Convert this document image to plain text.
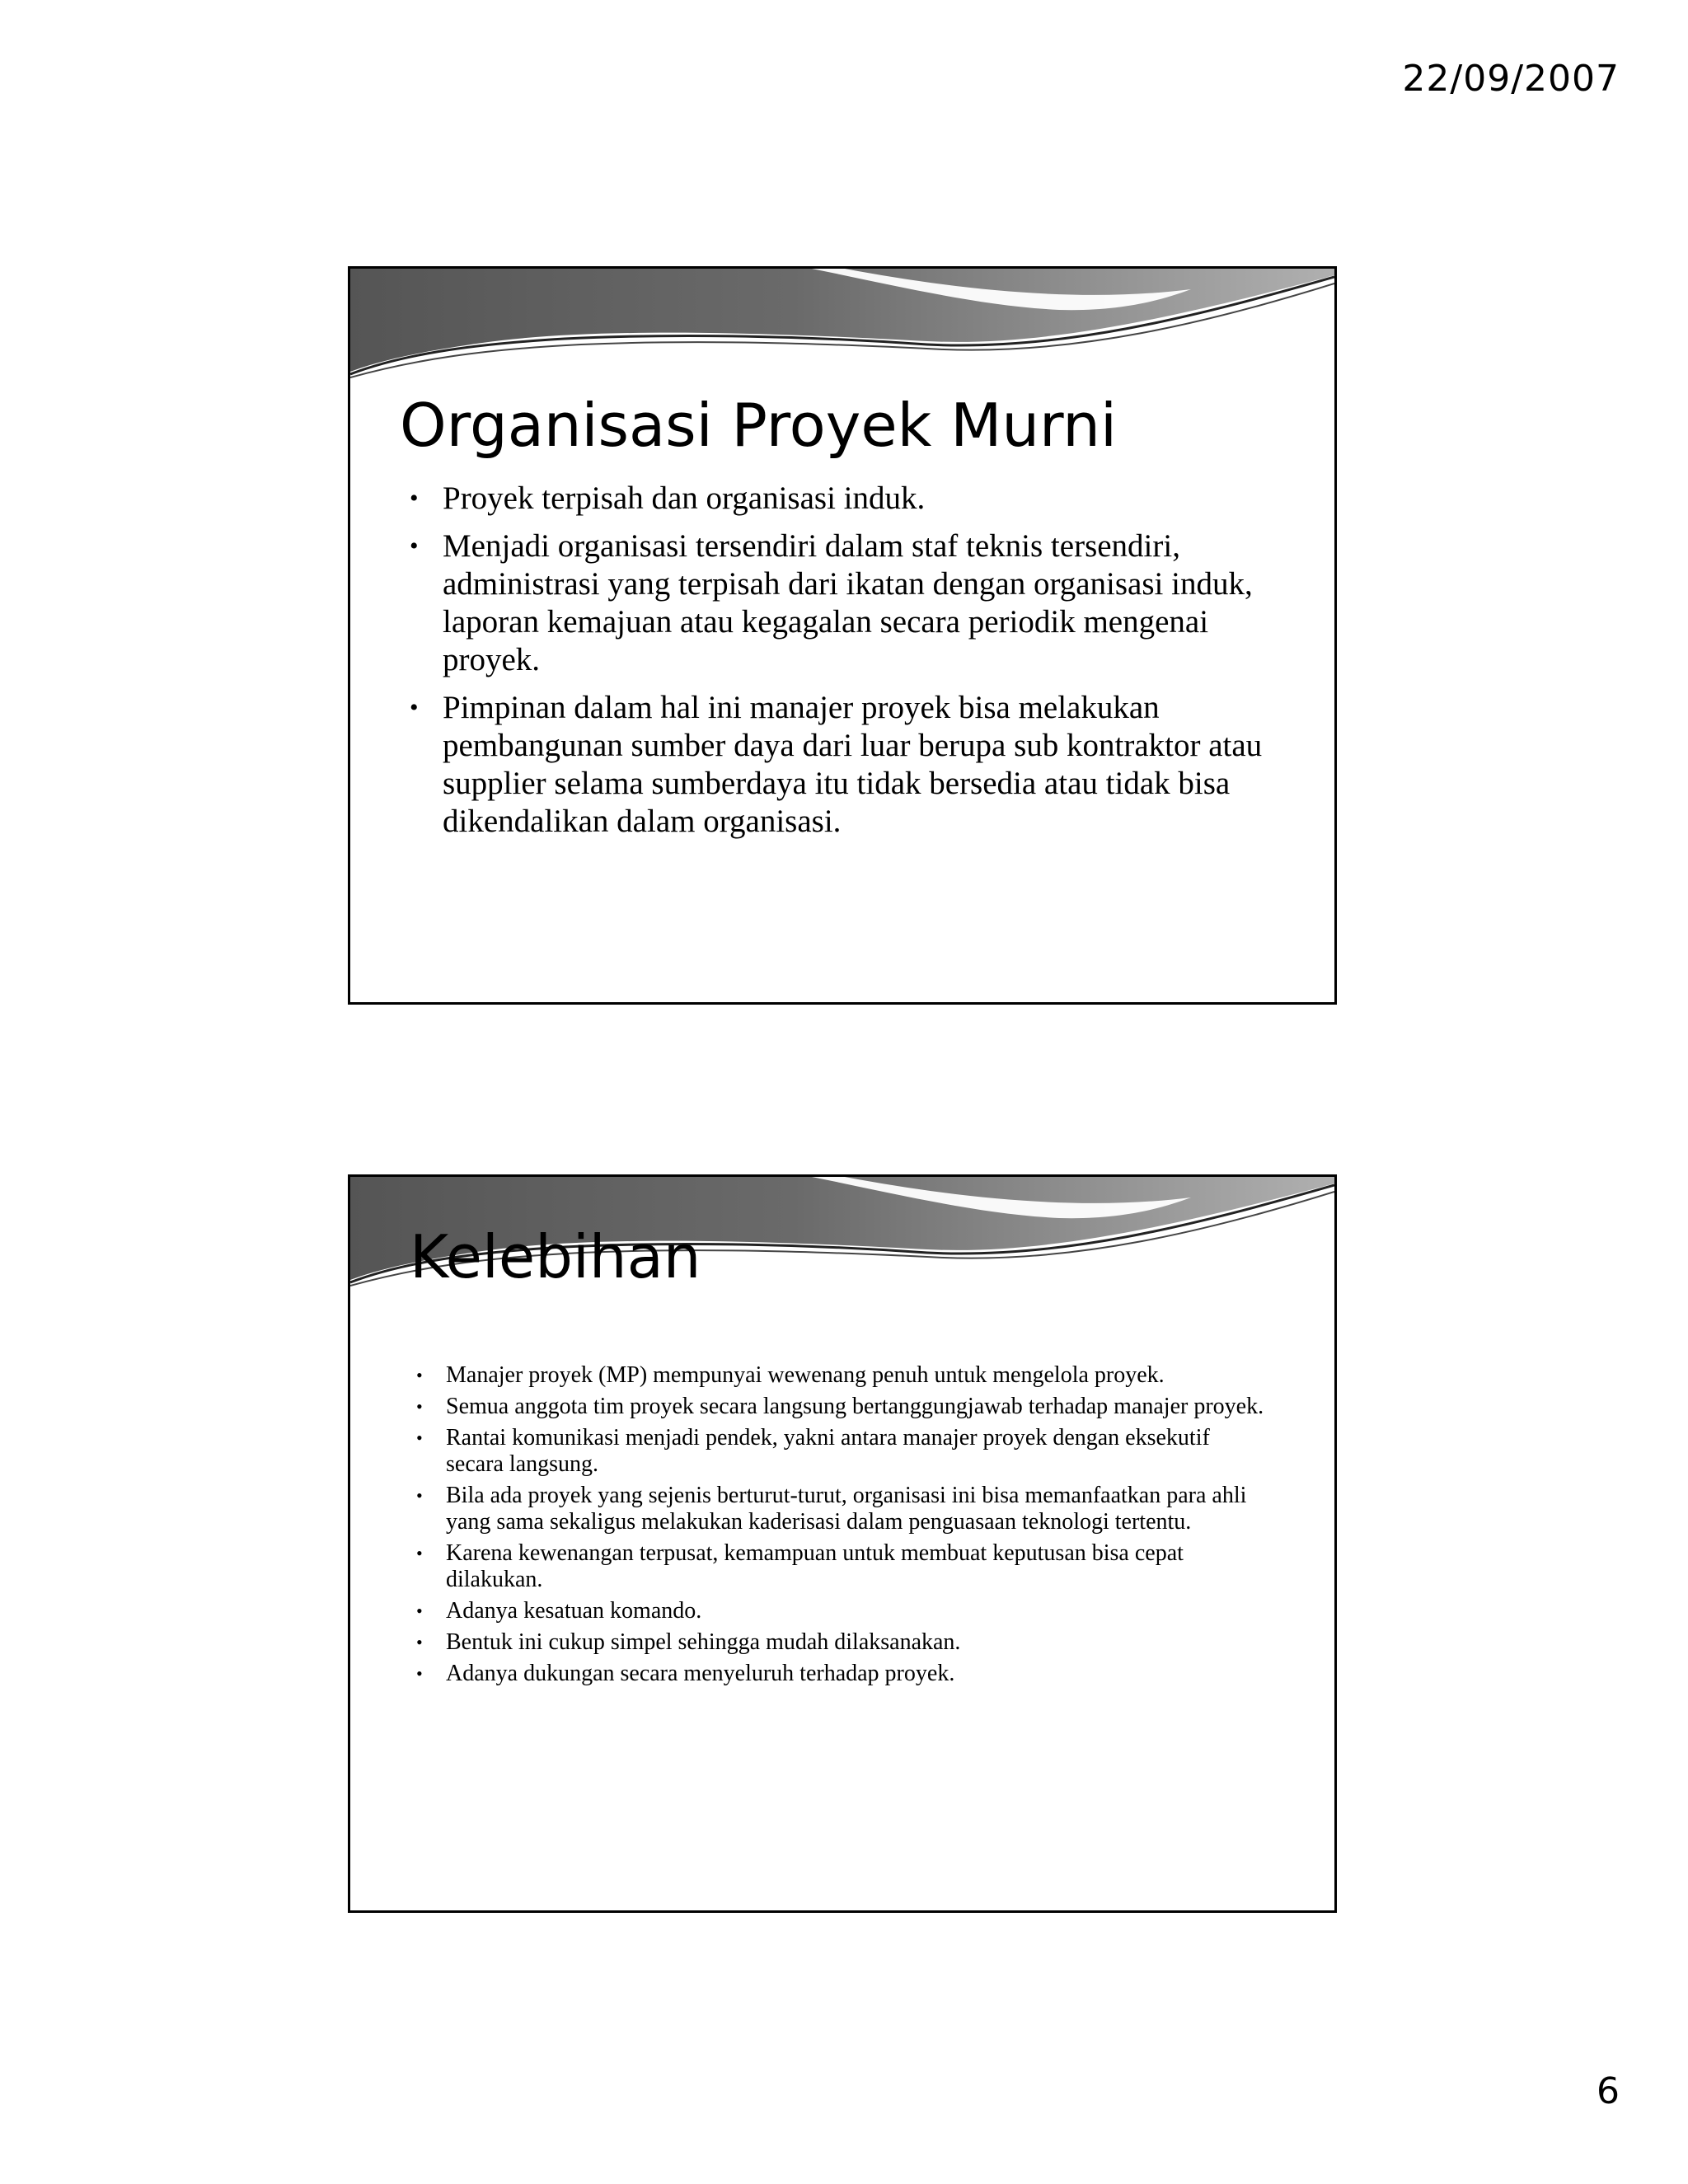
22/09/2007
Organisasi Proyek Murni
• Proyek terpisah dan organisasi induk.
• Menjadi organisasi tersendiri dalam staf teknis tersendiri, administrasi yang terpisah dari ikatan dengan organisasi induk, laporan kemajuan atau kegagalan secara periodik mengenai proyek.
• Pimpinan dalam hal ini manajer proyek bisa melakukan pembangunan sumber daya dari luar berupa sub kontraktor atau supplier selama sumberdaya itu tidak bersedia atau tidak bisa dikendalikan dalam organisasi.
Kelebihan
• Manajer proyek (MP) mempunyai wewenang penuh untuk mengelola proyek.
• Semua anggota tim proyek secara langsung bertanggungjawab terhadap manajer proyek.
• Rantai komunikasi menjadi pendek, yakni antara manajer proyek dengan eksekutif secara langsung.
• Bila ada proyek yang sejenis berturut-turut, organisasi ini bisa memanfaatkan para ahli yang sama sekaligus melakukan kaderisasi dalam penguasaan teknologi tertentu.
• Karena kewenangan terpusat, kemampuan untuk membuat keputusan bisa cepat dilakukan.
• Adanya kesatuan komando.
• Bentuk ini cukup simpel sehingga mudah dilaksanakan.
• Adanya dukungan secara menyeluruh terhadap proyek.
6
